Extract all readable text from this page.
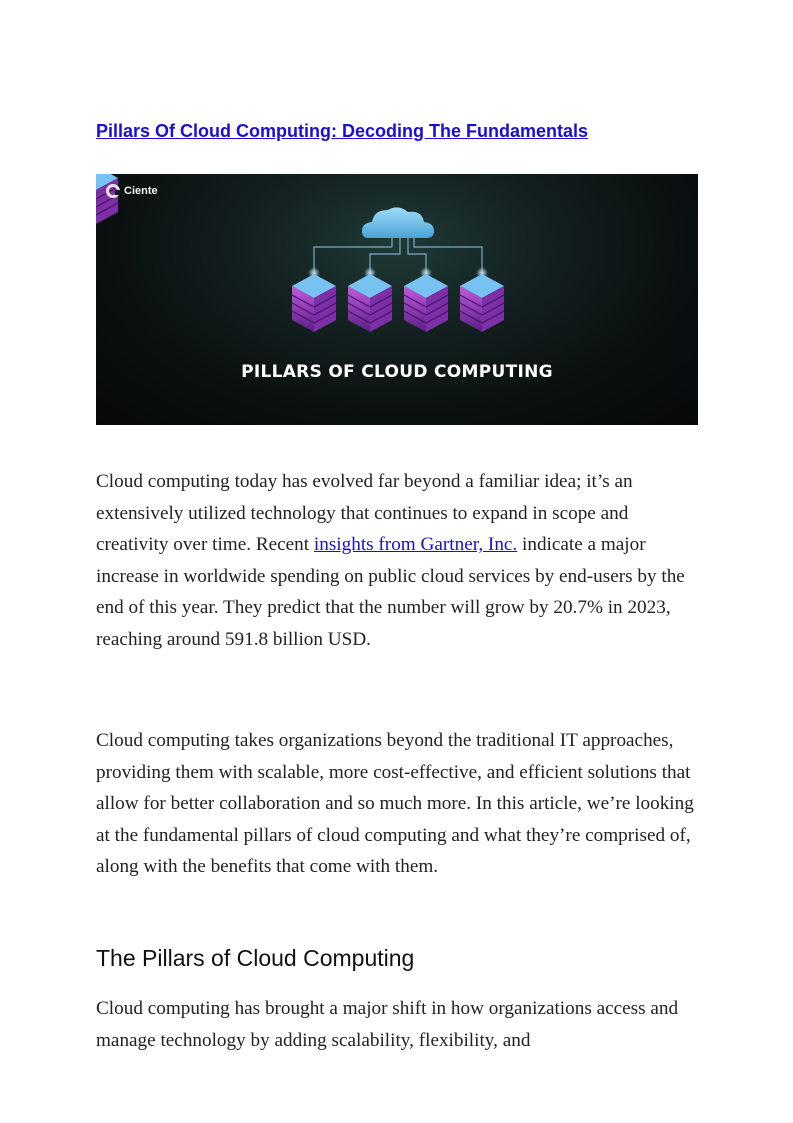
Pillars Of Cloud Computing: Decoding The Fundamentals
Ciente
PILLARS OF CLOUD COMPUTING

Cloud computing today has evolved far beyond a familiar idea; it’s an extensively utilized technology that continues to expand in scope and creativity over time. Recent insights from Gartner, Inc. indicate a major increase in worldwide spending on public cloud services by end-users by the end of this year. They predict that the number will grow by 20.7% in 2023, reaching around 591.8 billion USD.

Cloud computing takes organizations beyond the traditional IT approaches, providing them with scalable, more cost-effective, and efficient solutions that allow for better collaboration and so much more. In this article, we’re looking at the fundamental pillars of cloud computing and what they’re comprised of, along with the benefits that come with them.

The Pillars of Cloud Computing

Cloud computing has brought a major shift in how organizations access and manage technology by adding scalability, flexibility, and
